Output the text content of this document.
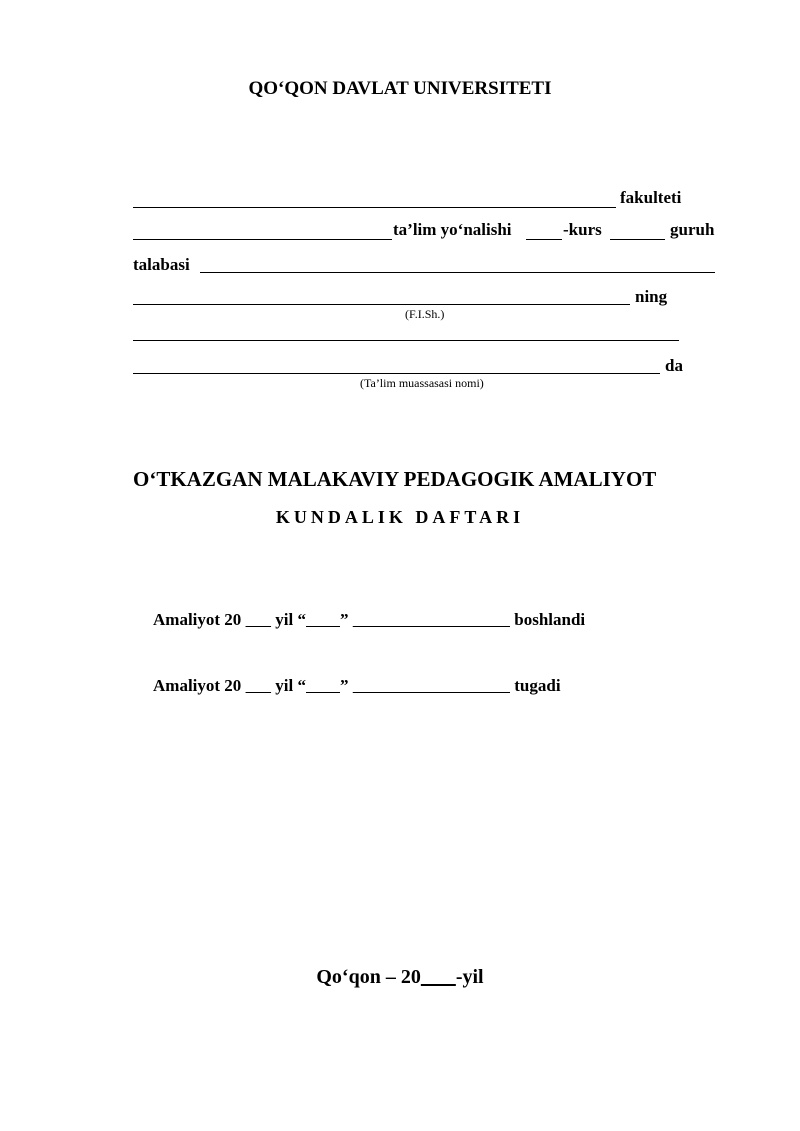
QO‘QON DAVLAT UNIVERSITETI
fakulteti
ta’lim yo‘nalishi	-kurs	guruh
talabasi
ning
(F.I.Sh.)
da
(Ta’lim muassasasi nomi)
O‘TKAZGAN MALAKAVIY PEDAGOGIK AMALIYOT
KUNDALIK DAFTARI
Amaliyot 20 yil “ ”	boshlandi
Amaliyot 20 yil “ ”	tugadi
Qo‘qon – 20 -yil
